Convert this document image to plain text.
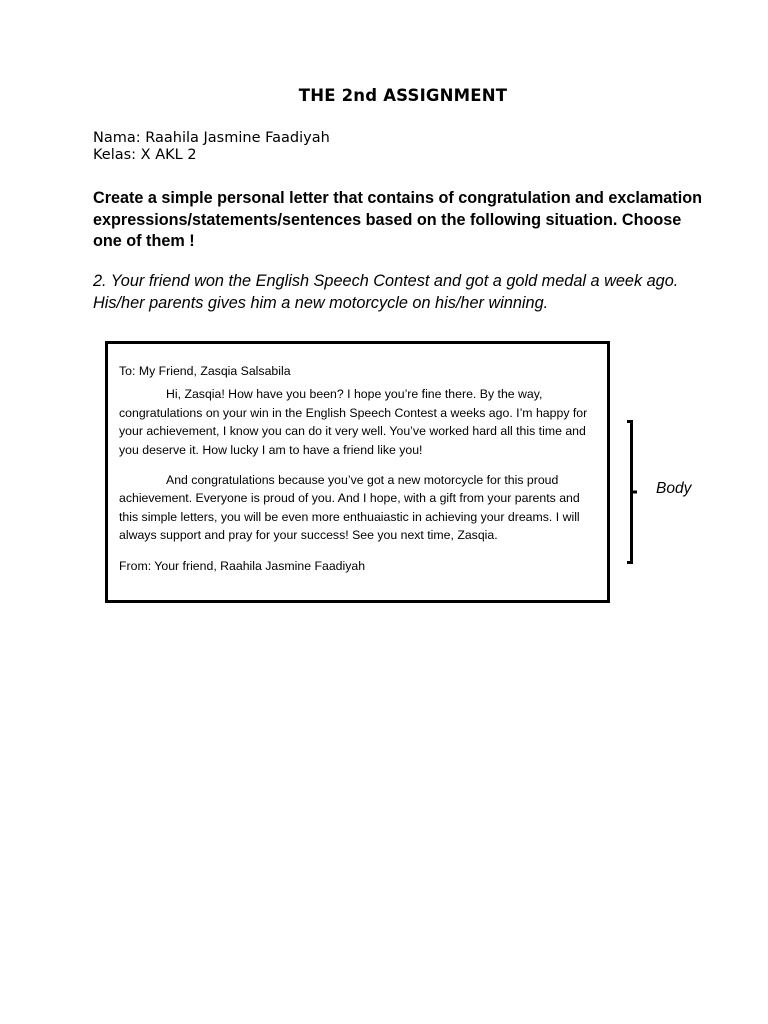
THE 2nd ASSIGNMENT
Nama: Raahila Jasmine Faadiyah
Kelas: X AKL 2
Create a simple personal letter that contains of congratulation and exclamation expressions/statements/sentences based on the following situation. Choose one of them !
2. Your friend won the English Speech Contest and got a gold medal a week ago. His/her parents gives him a new motorcycle on his/her winning.

To: My Friend, Zasqia Salsabila

Hi, Zasqia! How have you been? I hope you’re fine there. By the way, congratulations on your win in the English Speech Contest a weeks ago. I’m happy for your achievement, I know you can do it very well. You’ve worked hard all this time and you deserve it. How lucky I am to have a friend like you!

And congratulations because you’ve got a new motorcycle for this proud achievement. Everyone is proud of you. And I hope, with a gift from your parents and this simple letters, you will be even more enthuaiastic in achieving your dreams. I will always support and pray for your success! See you next time, Zasqia.

From: Your friend, Raahila Jasmine Faadiyah

Body
